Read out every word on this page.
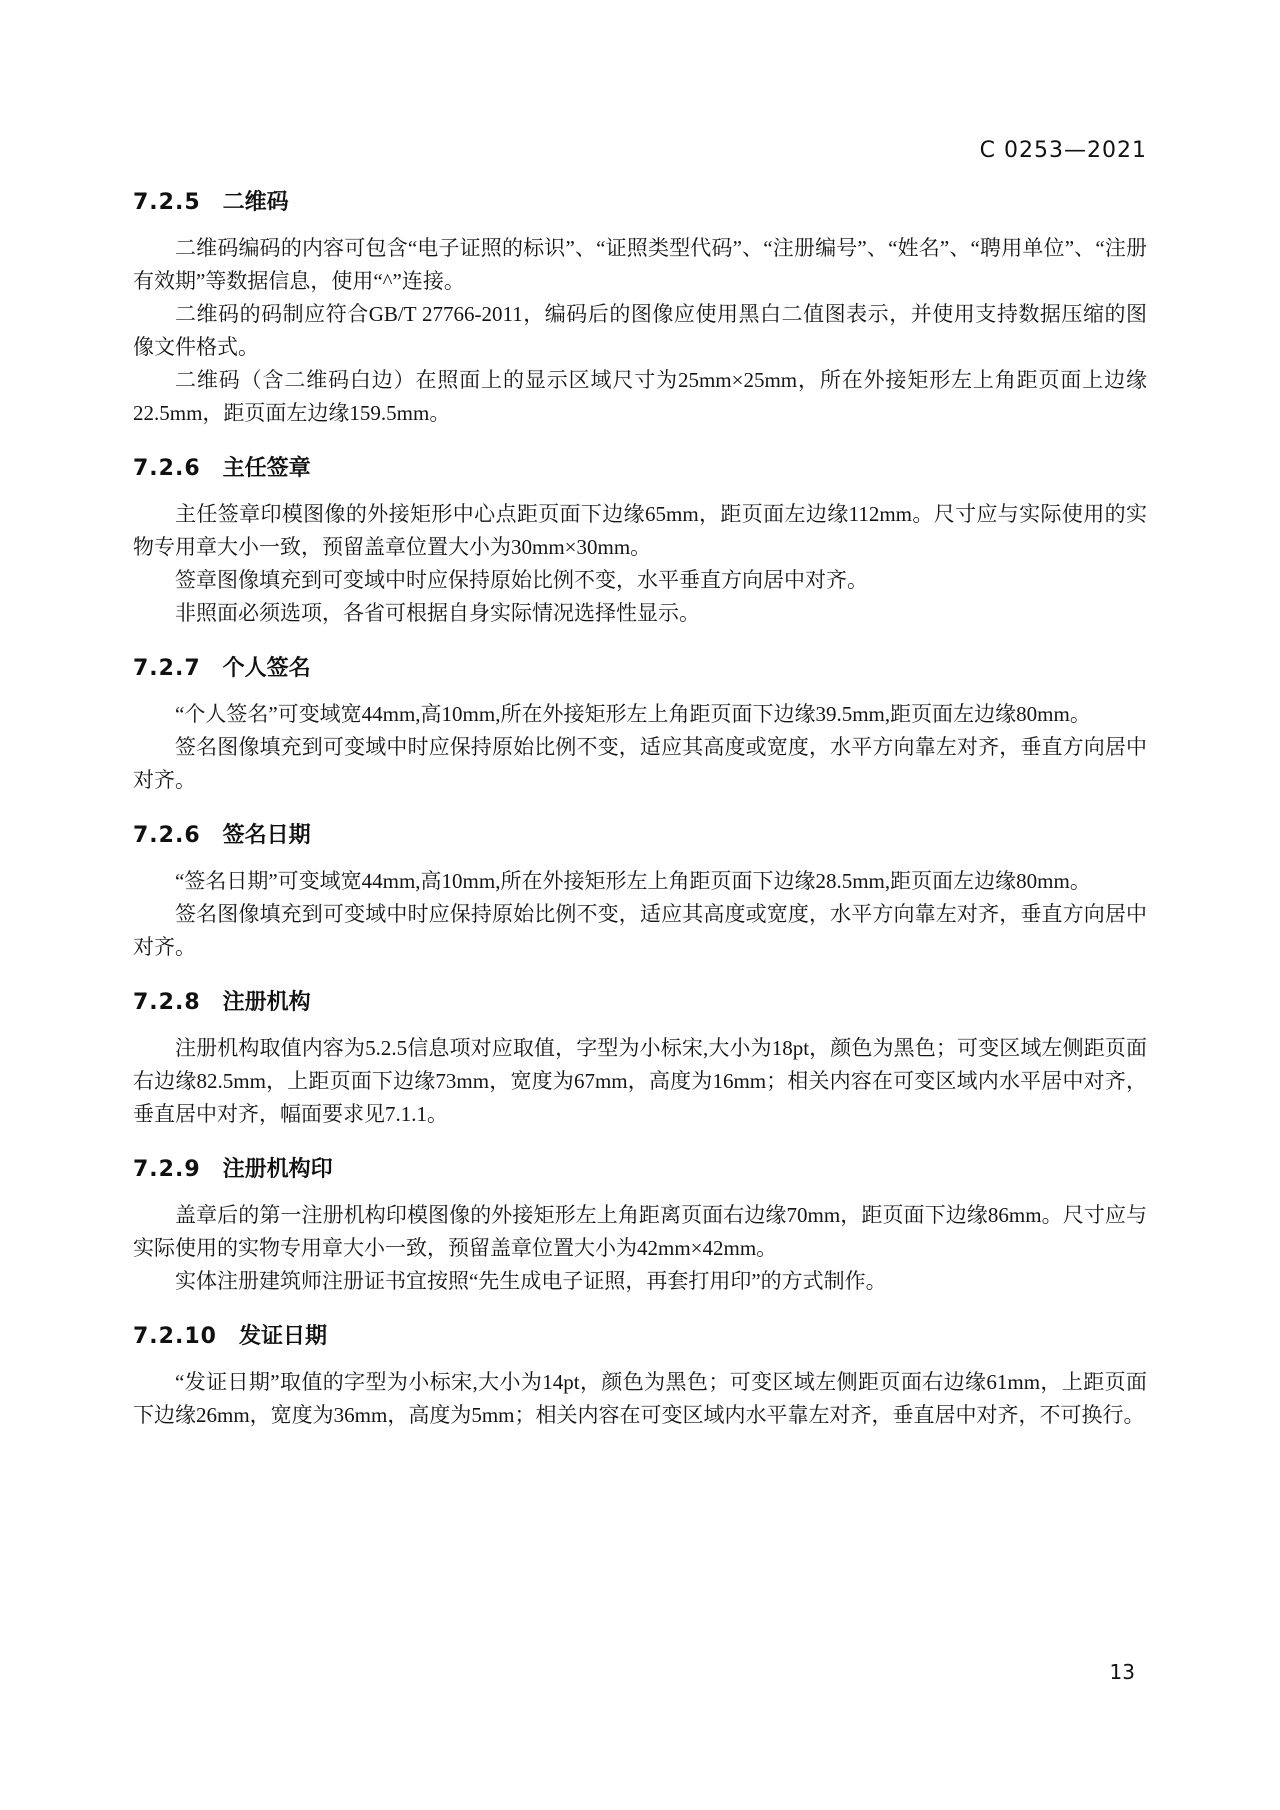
C 0253—2021
7.2.5 二维码

二维码编码的内容可包含“电子证照的标识”、“证照类型代码”、“注册编号”、“姓名”、“聘用单位”、“注册有效期”等数据信息，使用“^”连接。

二维码的码制应符合GB/T 27766-2011，编码后的图像应使用黑白二值图表示，并使用支持数据压缩的图像文件格式。

二维码（含二维码白边）在照面上的显示区域尺寸为25mm×25mm，所在外接矩形左上角距页面上边缘22.5mm，距页面左边缘159.5mm。

7.2.6 主任签章

主任签章印模图像的外接矩形中心点距页面下边缘65mm，距页面左边缘112mm。尺寸应与实际使用的实物专用章大小一致，预留盖章位置大小为30mm×30mm。

签章图像填充到可变域中时应保持原始比例不变，水平垂直方向居中对齐。

非照面必须选项，各省可根据自身实际情况选择性显示。

7.2.7 个人签名

“个人签名”可变域宽44mm,高10mm,所在外接矩形左上角距页面下边缘39.5mm,距页面左边缘80mm。

签名图像填充到可变域中时应保持原始比例不变，适应其高度或宽度，水平方向靠左对齐，垂直方向居中对齐。

7.2.6 签名日期

“签名日期”可变域宽44mm,高10mm,所在外接矩形左上角距页面下边缘28.5mm,距页面左边缘80mm。

签名图像填充到可变域中时应保持原始比例不变，适应其高度或宽度，水平方向靠左对齐，垂直方向居中对齐。

7.2.8 注册机构

注册机构取值内容为5.2.5信息项对应取值，字型为小标宋,大小为18pt，颜色为黑色；可变区域左侧距页面右边缘82.5mm，上距页面下边缘73mm，宽度为67mm，高度为16mm；相关内容在可变区域内水平居中对齐，垂直居中对齐，幅面要求见7.1.1。

7.2.9 注册机构印

盖章后的第一注册机构印模图像的外接矩形左上角距离页面右边缘70mm，距页面下边缘86mm。尺寸应与实际使用的实物专用章大小一致，预留盖章位置大小为42mm×42mm。

实体注册建筑师注册证书宜按照“先生成电子证照，再套打用印”的方式制作。

7.2.10 发证日期

“发证日期”取值的字型为小标宋,大小为14pt，颜色为黑色；可变区域左侧距页面右边缘61mm，上距页面下边缘26mm，宽度为36mm，高度为5mm；相关内容在可变区域内水平靠左对齐，垂直居中对齐，不可换行。

13
